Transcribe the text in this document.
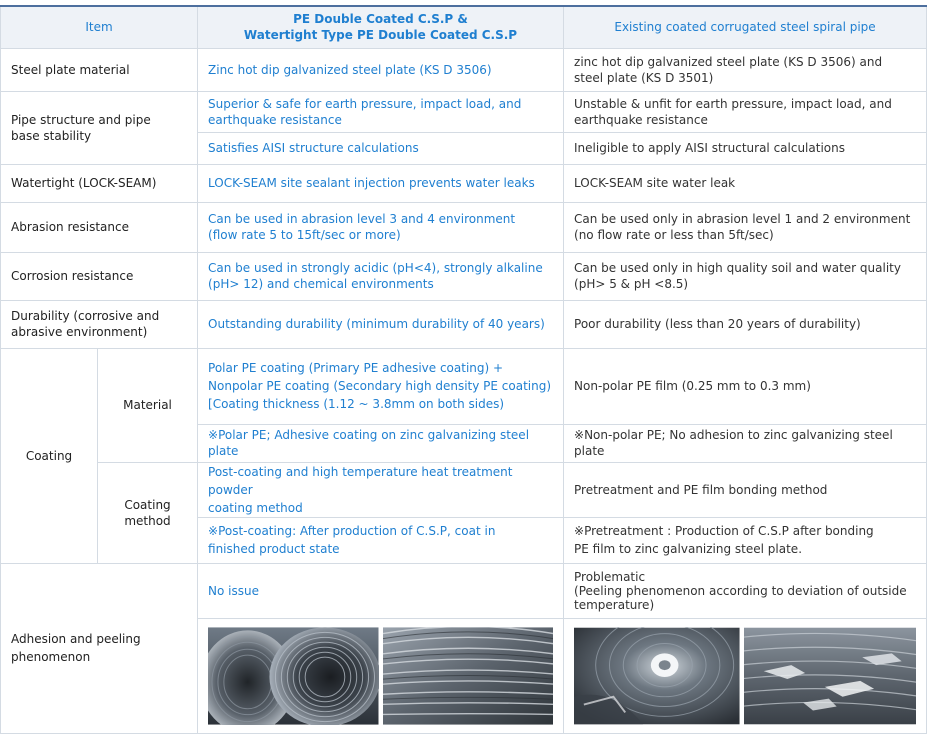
Item		PE Double Coated C.S.P &
Watertight Type PE Double Coated C.S.P	Existing coated corrugated steel spiral pipe
Steel plate material		Zinc hot dip galvanized steel plate (KS D 3506)	zinc hot dip galvanized steel plate (KS D 3506) and
steel plate (KS D 3501)

Pipe structure and pipe
base stability		Superior & safe for earth pressure, impact load, and
earthquake resistance	Unstable & unfit for earth pressure, impact load, and
earthquake resistance

		Satisfies AISI structure calculations	Ineligible to apply AISI structural calculations
Watertight (LOCK-SEAM)		LOCK-SEAM site sealant injection prevents water leaks	LOCK-SEAM site water leak
Abrasion resistance		Can be used in abrasion level 3 and 4 environment
(flow rate 5 to 15ft/sec or more)	Can be used only in abrasion level 1 and 2 environment
(no flow rate or less than 5ft/sec)

Corrosion resistance		Can be used in strongly acidic (pH<4), strongly alkaline
(pH> 12) and chemical environments	Can be used only in high quality soil and water quality
(pH> 5 & pH <8.5)

Durability (corrosive and
abrasive environment)		Outstanding durability (minimum durability of 40 years)	Poor durability (less than 20 years of durability)
Coating	Material	Polar PE coating (Primary PE adhesive coating) +
Nonpolar PE coating (Secondary high density PE coating)
[Coating thickness (1.12 ~ 3.8mm on both sides)	Non-polar PE film (0.25 mm to 0.3 mm)
		※Polar PE; Adhesive coating on zinc galvanizing steel plate	※Non-polar PE; No adhesion to zinc galvanizing steel plate

	Coating
method	Post-coating and high temperature heat treatment powder
coating method	Pretreatment and PE film bonding method

		※Post-coating: After production of C.S.P, coat in
finished product state	※Pretreatment : Production of C.S.P after bonding
PE film to zinc galvanizing steel plate.

Adhesion and peeling
phenomenon		No issue	Problematic
(Peeling phenomenon according to deviation of outside
temperature)
